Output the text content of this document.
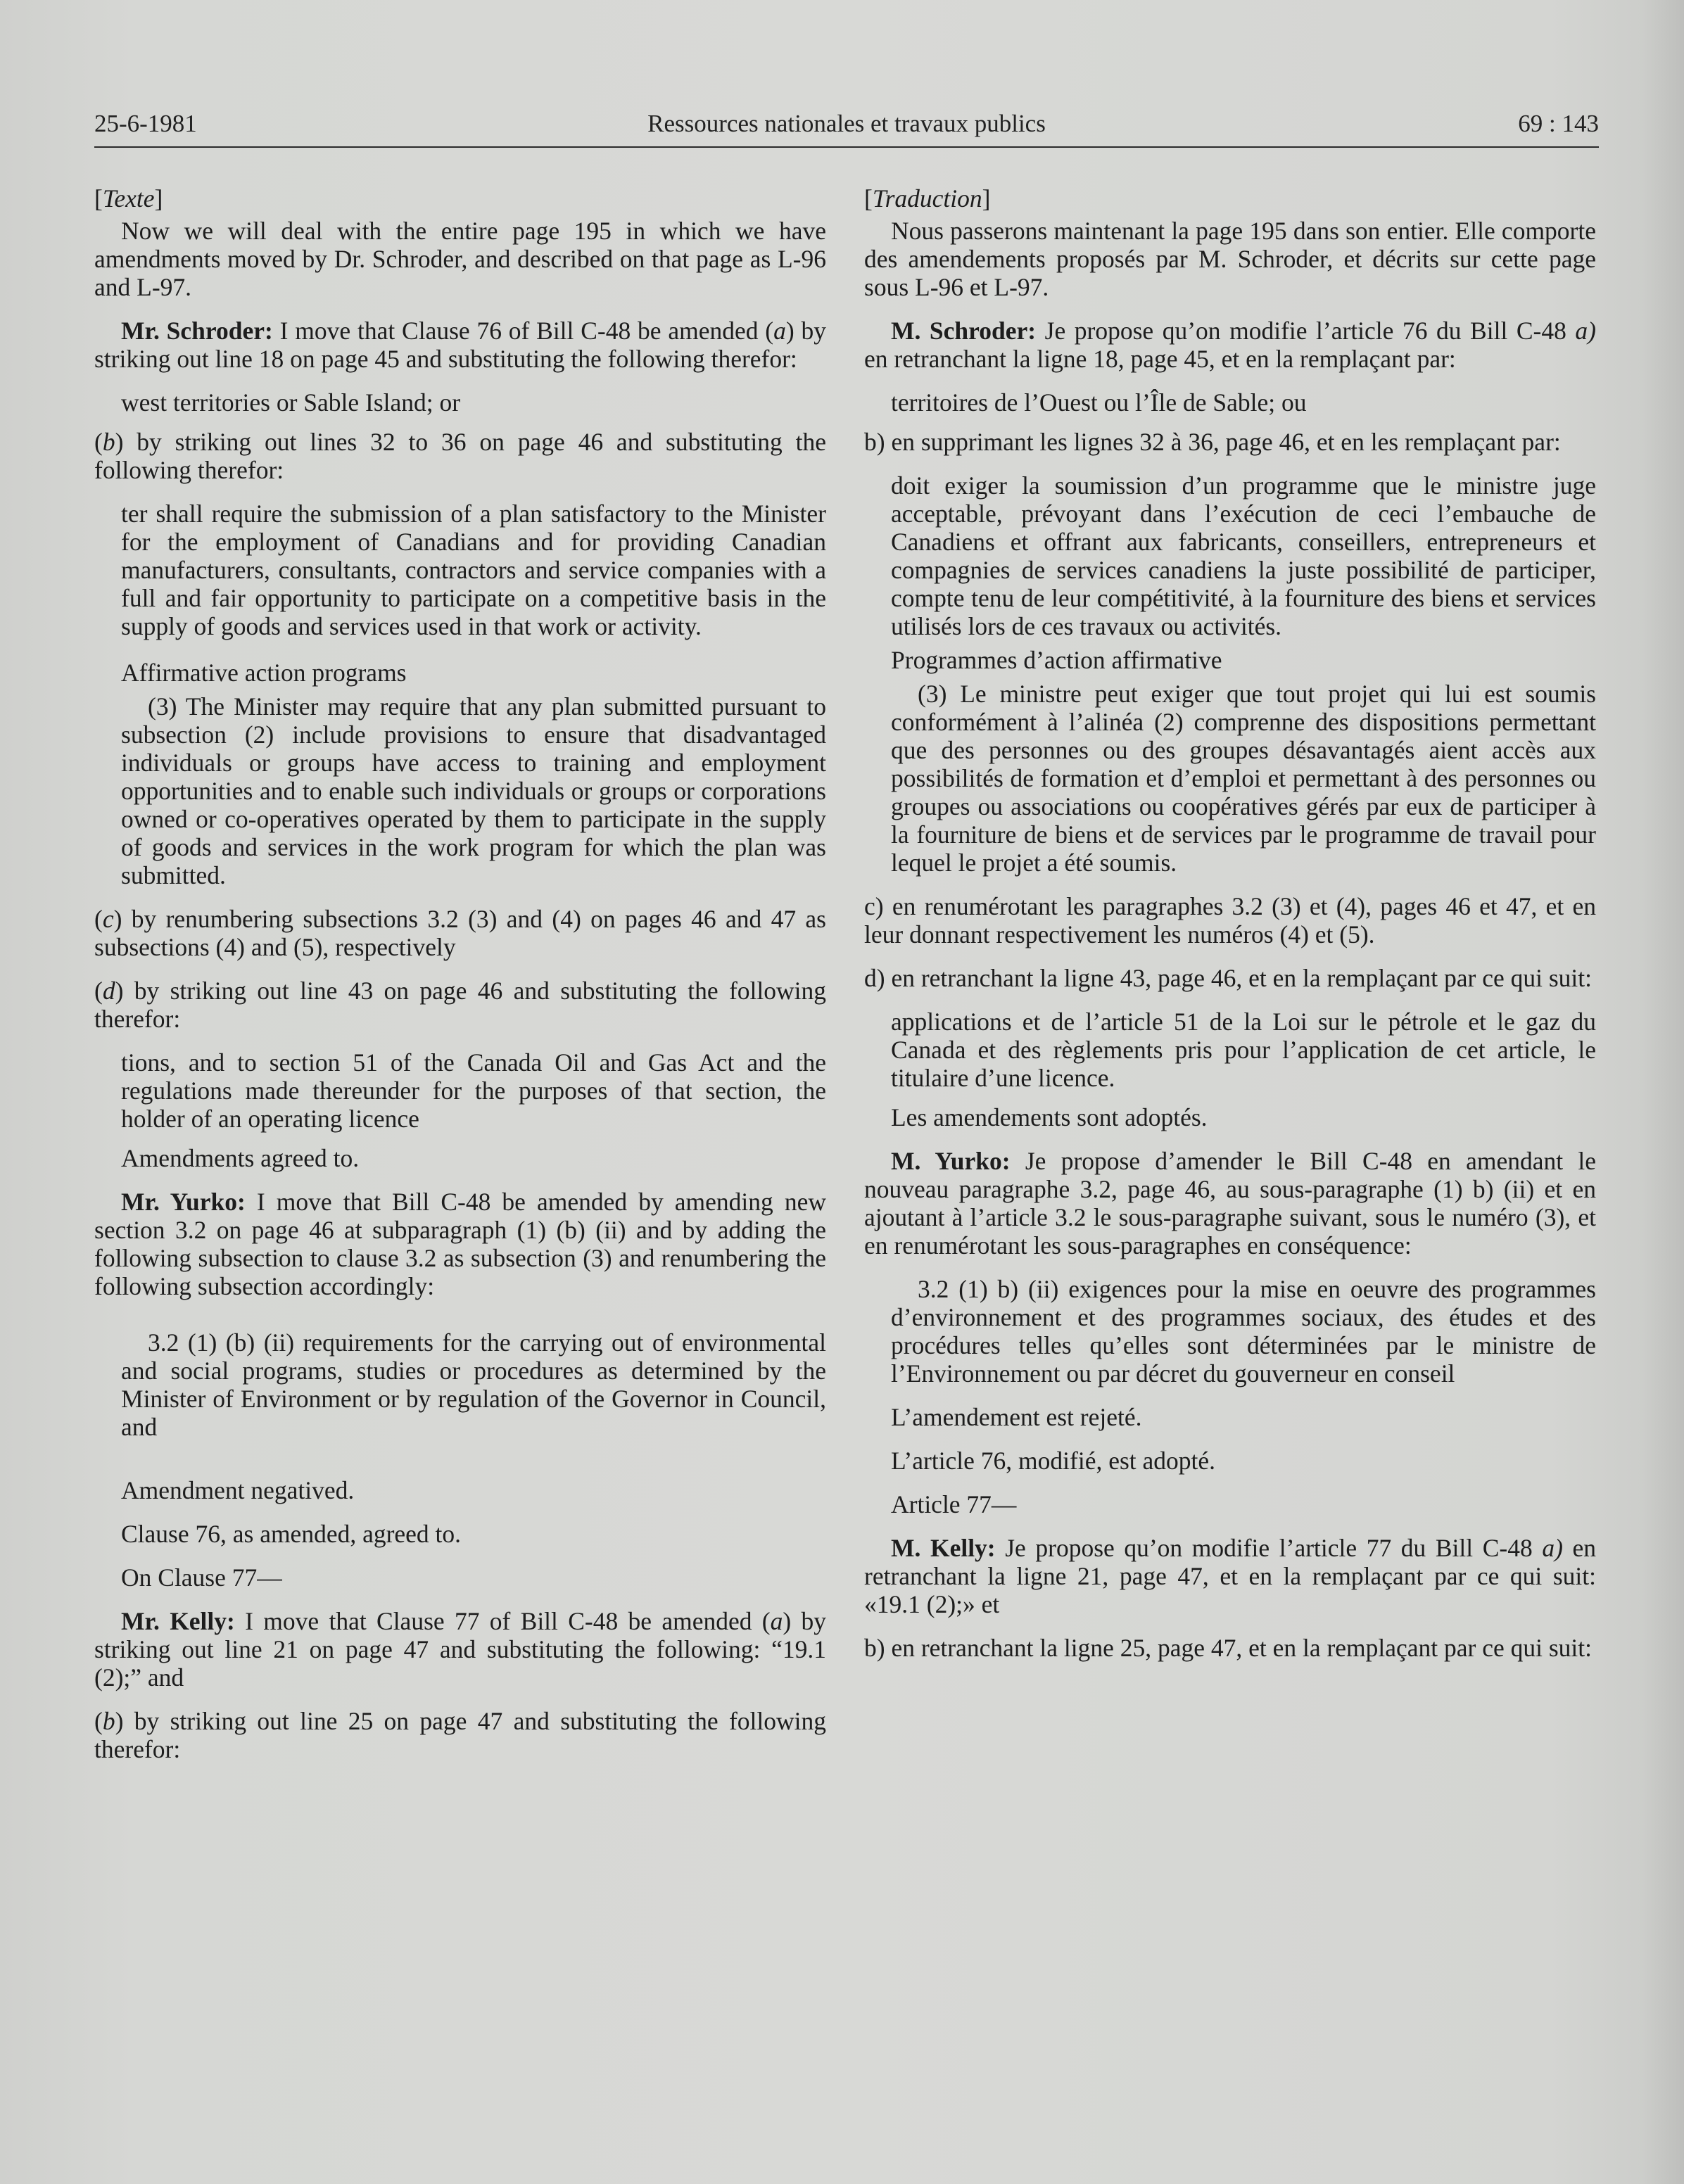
25-6-1981	Ressources nationales et travaux publics	69 : 143

[Texte]

Now we will deal with the entire page 195 in which we have amendments moved by Dr. Schroder, and described on that page as L-96 and L-97.

Mr. Schroder: I move that Clause 76 of Bill C-48 be amended (a) by striking out line 18 on page 45 and substituting the following therefor:

west territories or Sable Island; or

(b) by striking out lines 32 to 36 on page 46 and substituting the following therefor:

ter shall require the submission of a plan satisfactory to the Minister for the employment of Canadians and for providing Canadian manufacturers, consultants, contractors and service companies with a full and fair opportunity to participate on a competitive basis in the supply of goods and services used in that work or activity.

Affirmative action programs

(3) The Minister may require that any plan submitted pursuant to subsection (2) include provisions to ensure that disadvantaged individuals or groups have access to training and employment opportunities and to enable such individuals or groups or corporations owned or co-operatives operated by them to participate in the supply of goods and services in the work program for which the plan was submitted.

(c) by renumbering subsections 3.2 (3) and (4) on pages 46 and 47 as subsections (4) and (5), respectively

(d) by striking out line 43 on page 46 and substituting the following therefor:

tions, and to section 51 of the Canada Oil and Gas Act and the regulations made thereunder for the purposes of that section, the holder of an operating licence

Amendments agreed to.

Mr. Yurko: I move that Bill C-48 be amended by amending new section 3.2 on page 46 at subparagraph (1) (b) (ii) and by adding the following subsection to clause 3.2 as subsection (3) and renumbering the following subsection accordingly:

3.2 (1) (b) (ii) requirements for the carrying out of environmental and social programs, studies or procedures as determined by the Minister of Environment or by regulation of the Governor in Council, and

Amendment negatived.

Clause 76, as amended, agreed to.

On Clause 77—

Mr. Kelly: I move that Clause 77 of Bill C-48 be amended (a) by striking out line 21 on page 47 and substituting the following: “19.1 (2);” and

(b) by striking out line 25 on page 47 and substituting the following therefor:

[Traduction]

Nous passerons maintenant la page 195 dans son entier. Elle comporte des amendements proposés par M. Schroder, et décrits sur cette page sous L-96 et L-97.

M. Schroder: Je propose qu’on modifie l’article 76 du Bill C-48 a) en retranchant la ligne 18, page 45, et en la remplaçant par:

territoires de l’Ouest ou l’Île de Sable; ou

b) en supprimant les lignes 32 à 36, page 46, et en les remplaçant par:

doit exiger la soumission d’un programme que le ministre juge acceptable, prévoyant dans l’exécution de ceci l’embauche de Canadiens et offrant aux fabricants, conseillers, entrepreneurs et compagnies de services canadiens la juste possibilité de participer, compte tenu de leur compétitivité, à la fourniture des biens et services utilisés lors de ces travaux ou activités.

Programmes d’action affirmative

(3) Le ministre peut exiger que tout projet qui lui est soumis conformément à l’alinéa (2) comprenne des dispositions permettant que des personnes ou des groupes désavantagés aient accès aux possibilités de formation et d’emploi et permettant à des personnes ou groupes ou associations ou coopératives gérés par eux de participer à la fourniture de biens et de services par le programme de travail pour lequel le projet a été soumis.

c) en renumérotant les paragraphes 3.2 (3) et (4), pages 46 et 47, et en leur donnant respectivement les numéros (4) et (5).

d) en retranchant la ligne 43, page 46, et en la remplaçant par ce qui suit:

applications et de l’article 51 de la Loi sur le pétrole et le gaz du Canada et des règlements pris pour l’application de cet article, le titulaire d’une licence.

Les amendements sont adoptés.

M. Yurko: Je propose d’amender le Bill C-48 en amendant le nouveau paragraphe 3.2, page 46, au sous-paragraphe (1) b) (ii) et en ajoutant à l’article 3.2 le sous-paragraphe suivant, sous le numéro (3), et en renumérotant les sous-paragraphes en conséquence:

3.2 (1) b) (ii) exigences pour la mise en oeuvre des programmes d’environnement et des programmes sociaux, des études et des procédures telles qu’elles sont déterminées par le ministre de l’Environnement ou par décret du gouverneur en conseil

L’amendement est rejeté.

L’article 76, modifié, est adopté.

Article 77—

M. Kelly: Je propose qu’on modifie l’article 77 du Bill C-48 a) en retranchant la ligne 21, page 47, et en la remplaçant par ce qui suit: «19.1 (2);» et

b) en retranchant la ligne 25, page 47, et en la remplaçant par ce qui suit:
